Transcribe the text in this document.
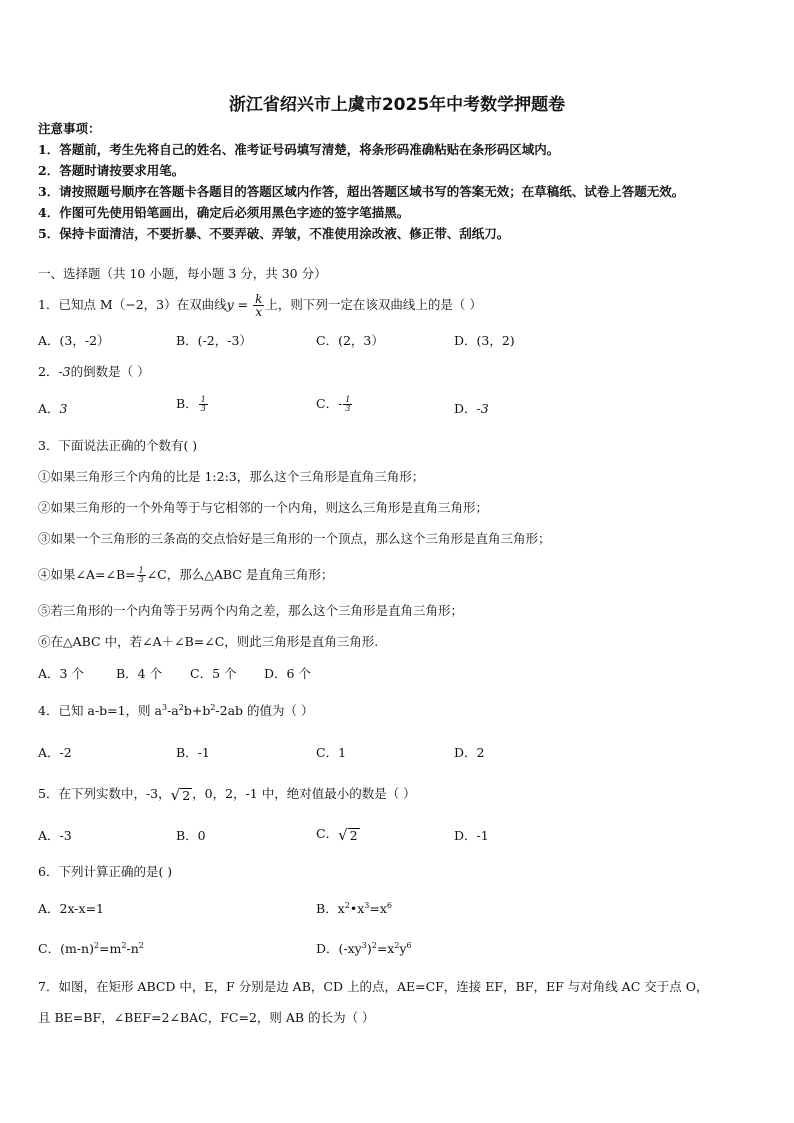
浙江省绍兴市上虞市2025年中考数学押题卷
注意事项：
1．答题前，考生先将自己的姓名、准考证号码填写清楚，将条形码准确粘贴在条形码区域内。
2．答题时请按要求用笔。
3．请按照题号顺序在答题卡各题目的答题区域内作答，超出答题区域书写的答案无效；在草稿纸、试卷上答题无效。
4．作图可先使用铅笔画出，确定后必须用黑色字迹的签字笔描黑。
5．保持卡面清洁，不要折暴、不要弄破、弄皱，不准使用涂改液、修正带、刮纸刀。
一、选择题（共 10 小题，每小题 3 分，共 30 分）
1．已知点 M（−2，3）在双曲线$y = \frac{k}{x}$ 上，则下列一定在该双曲线上的是（ ）
A．(3，-2）	B．(-2，-3）	C．(2，3）	D．(3，2)
2．-3的倒数是（ ）
A．3	B． $\frac{1}{3}$	C．- $\frac{1}{3}$	D．-3
3．下面说法正确的个数有( )
①如果三角形三个内角的比是 1:2:3，那么这个三角形是直角三角形；
②如果三角形的一个外角等于与它相邻的一个内角，则这么三角形是直角三角形；
③如果一个三角形的三条高的交点恰好是三角形的一个顶点，那么这个三角形是直角三角形；
④如果∠A=∠B= $\frac{1}{3}$ ∠C，那么△ABC 是直角三角形；
⑤若三角形的一个内角等于另两个内角之差，那么这个三角形是直角三角形；
⑥在△ABC 中，若∠A＋∠B=∠C，则此三角形是直角三角形.
A．3 个	B．4 个 C．5 个 D．6 个
4．已知 a-b=1，则 $a^3-a^2b+b^2-2ab$ 的值为（ ）
A．-2	B．-1	C．1	D．2
5．在下列实数中，-3， √ 2 ，0，2，-1 中，绝对值最小的数是（ ）
A．-3	B．0	C． √ 2	D．-1
6．下列计算正确的是( )
A．2x-x=1	B．$x^2•x^3=x^6$
C．$(m-n)^2=m^2-n^2$	D．$(-xy^3)^2=x^2y^6$
7．如图，在矩形 ABCD 中，E，F 分别是边 AB，CD 上的点，AE=CF，连接 EF，BF，EF 与对角线 AC 交于点 O，
且 BE=BF，∠BEF=2∠BAC，FC=2，则 AB 的长为（ ）
